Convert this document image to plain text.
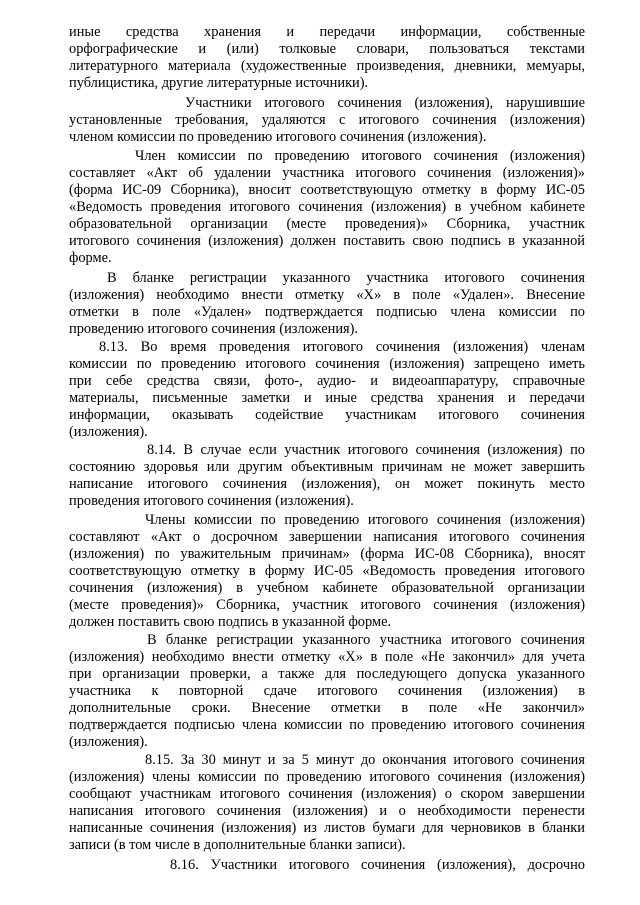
иные средства хранения и передачи информации, собственные
орфографические и (или) толковые словари, пользоваться текстами
литературного материала (художественные произведения, дневники, мемуары,
публицистика, другие литературные источники).
Участники итогового сочинения (изложения), нарушившие
установленные требования, удаляются с итогового сочинения (изложения)
членом комиссии по проведению итогового сочинения (изложения).
Член комиссии по проведению итогового сочинения (изложения)
составляет «Акт об удалении участника итогового сочинения (изложения)»
(форма ИС-09 Сборника), вносит соответствующую отметку в форму ИС-05
«Ведомость проведения итогового сочинения (изложения) в учебном кабинете
образовательной организации (месте проведения)» Сборника, участник
итогового сочинения (изложения) должен поставить свою подпись в указанной
форме.
В бланке регистрации указанного участника итогового сочинения
(изложения) необходимо внести отметку «Х» в поле «Удален». Внесение
отметки в поле «Удален» подтверждается подписью члена комиссии по
проведению итогового сочинения (изложения).
8.13. Во время проведения итогового сочинения (изложения) членам
комиссии по проведению итогового сочинения (изложения) запрещено иметь
при себе средства связи, фото-, аудио- и видеоаппаратуру, справочные
материалы, письменные заметки и иные средства хранения и передачи
информации, оказывать содействие участникам итогового сочинения
(изложения).
8.14. В случае если участник итогового сочинения (изложения) по
состоянию здоровья или другим объективным причинам не может завершить
написание итогового сочинения (изложения), он может покинуть место
проведения итогового сочинения (изложения).
Члены комиссии по проведению итогового сочинения (изложения)
составляют «Акт о досрочном завершении написания итогового сочинения
(изложения) по уважительным причинам» (форма ИС-08 Сборника), вносят
соответствующую отметку в форму ИС-05 «Ведомость проведения итогового
сочинения (изложения) в учебном кабинете образовательной организации
(месте проведения)» Сборника, участник итогового сочинения (изложения)
должен поставить свою подпись в указанной форме.
В бланке регистрации указанного участника итогового сочинения
(изложения) необходимо внести отметку «Х» в поле «Не закончил» для учета
при организации проверки, а также для последующего допуска указанного
участника к повторной сдаче итогового сочинения (изложения) в
дополнительные сроки. Внесение отметки в поле «Не закончил»
подтверждается подписью члена комиссии по проведению итогового сочинения
(изложения).
8.15. За 30 минут и за 5 минут до окончания итогового сочинения
(изложения) члены комиссии по проведению итогового сочинения (изложения)
сообщают участникам итогового сочинения (изложения) о скором завершении
написания итогового сочинения (изложения) и о необходимости перенести
написанные сочинения (изложения) из листов бумаги для черновиков в бланки
записи (в том числе в дополнительные бланки записи).
8.16. Участники итогового сочинения (изложения), досрочно
